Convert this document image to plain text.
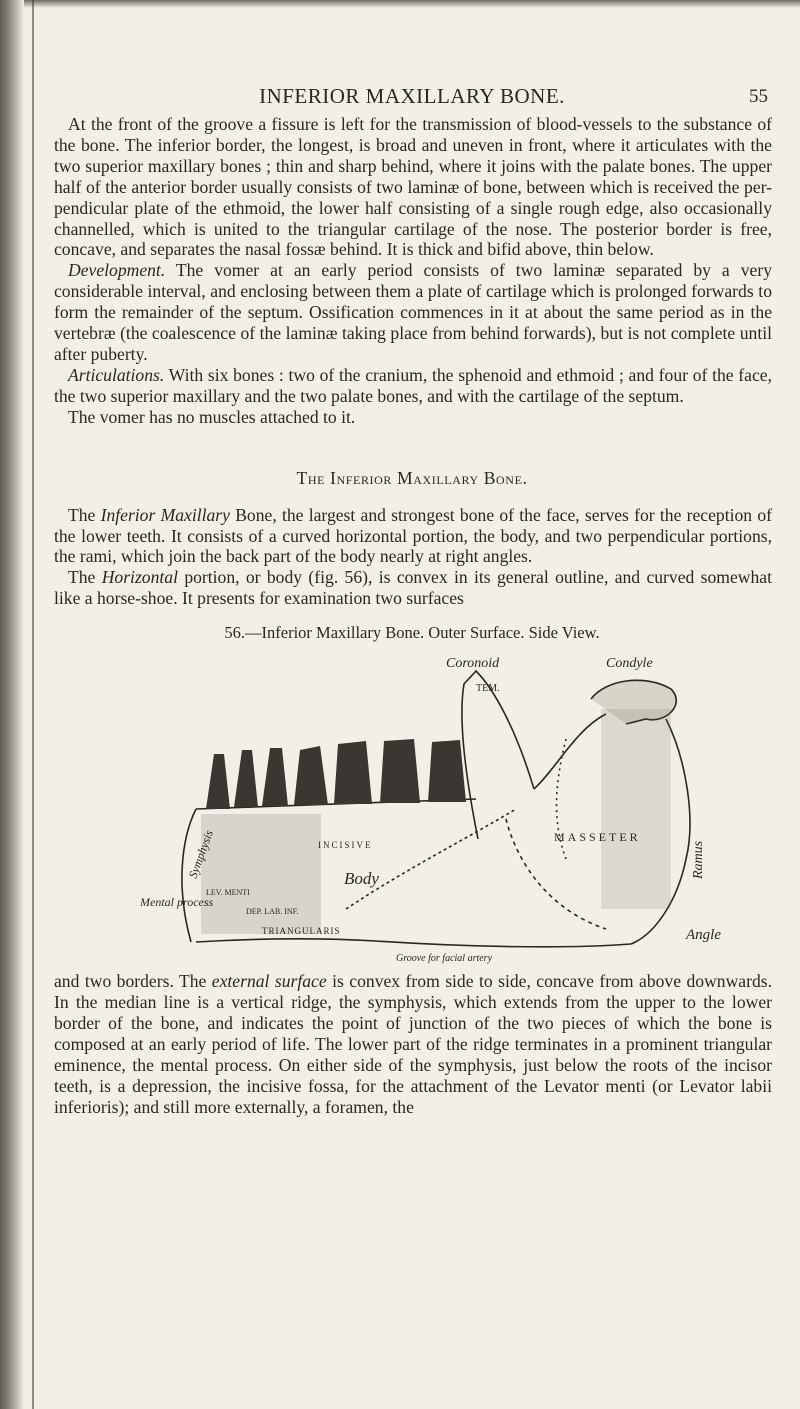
INFERIOR MAXILLARY BONE.	55

At the front of the groove a fissure is left for the transmission of blood-vessels to the substance of the bone. The inferior border, the longest, is broad and uneven in front, where it articulates with the two superior maxillary bones ; thin and sharp behind, where it joins with the palate bones. The upper half of the anterior border usually consists of two laminæ of bone, between which is received the per- pendicular plate of the ethmoid, the lower half consisting of a single rough edge, also occasionally channelled, which is united to the triangular cartilage of the nose. The posterior border is free, concave, and separates the nasal fossæ behind. It is thick and bifid above, thin below.

Development. The vomer at an early period consists of two laminæ separated by a very considerable interval, and enclosing between them a plate of cartilage which is prolonged forwards to form the remainder of the septum. Ossification commences in it at about the same period as in the vertebræ (the coalescence of the laminæ taking place from behind forwards), but is not complete until after puberty.

Articulations. With six bones : two of the cranium, the sphenoid and ethmoid ; and four of the face, the two superior maxillary and the two palate bones, and with the cartilage of the septum.

The vomer has no muscles attached to it.

The Inferior Maxillary Bone.

The Inferior Maxillary Bone, the largest and strongest bone of the face, serves for the reception of the lower teeth. It consists of a curved horizontal portion, the body, and two perpendicular portions, the rami, which join the back part of the body nearly at right angles.

The Horizontal portion, or body (fig. 56), is convex in its general outline, and curved somewhat like a horse-shoe. It presents for examination two surfaces

56.—Inferior Maxillary Bone. Outer Surface. Side View.
Coronoid	Condyle
TEM.
MASSETER
Ramus
Body
INCISIVE
Symphysis
Mental process
Angle
Groove for facial artery
TRIANGULARIS
DEP. LAB. INF.
LEV. MENTI

and two borders. The external surface is convex from side to side, concave from above downwards. In the median line is a vertical ridge, the symphysis, which extends from the upper to the lower border of the bone, and indicates the point of junction of the two pieces of which the bone is composed at an early period of life. The lower part of the ridge terminates in a prominent triangular eminence, the mental process. On either side of the symphysis, just below the roots of the incisor teeth, is a depression, the incisive fossa, for the attachment of the Levator menti (or Levator labii inferioris); and still more externally, a foramen, the
